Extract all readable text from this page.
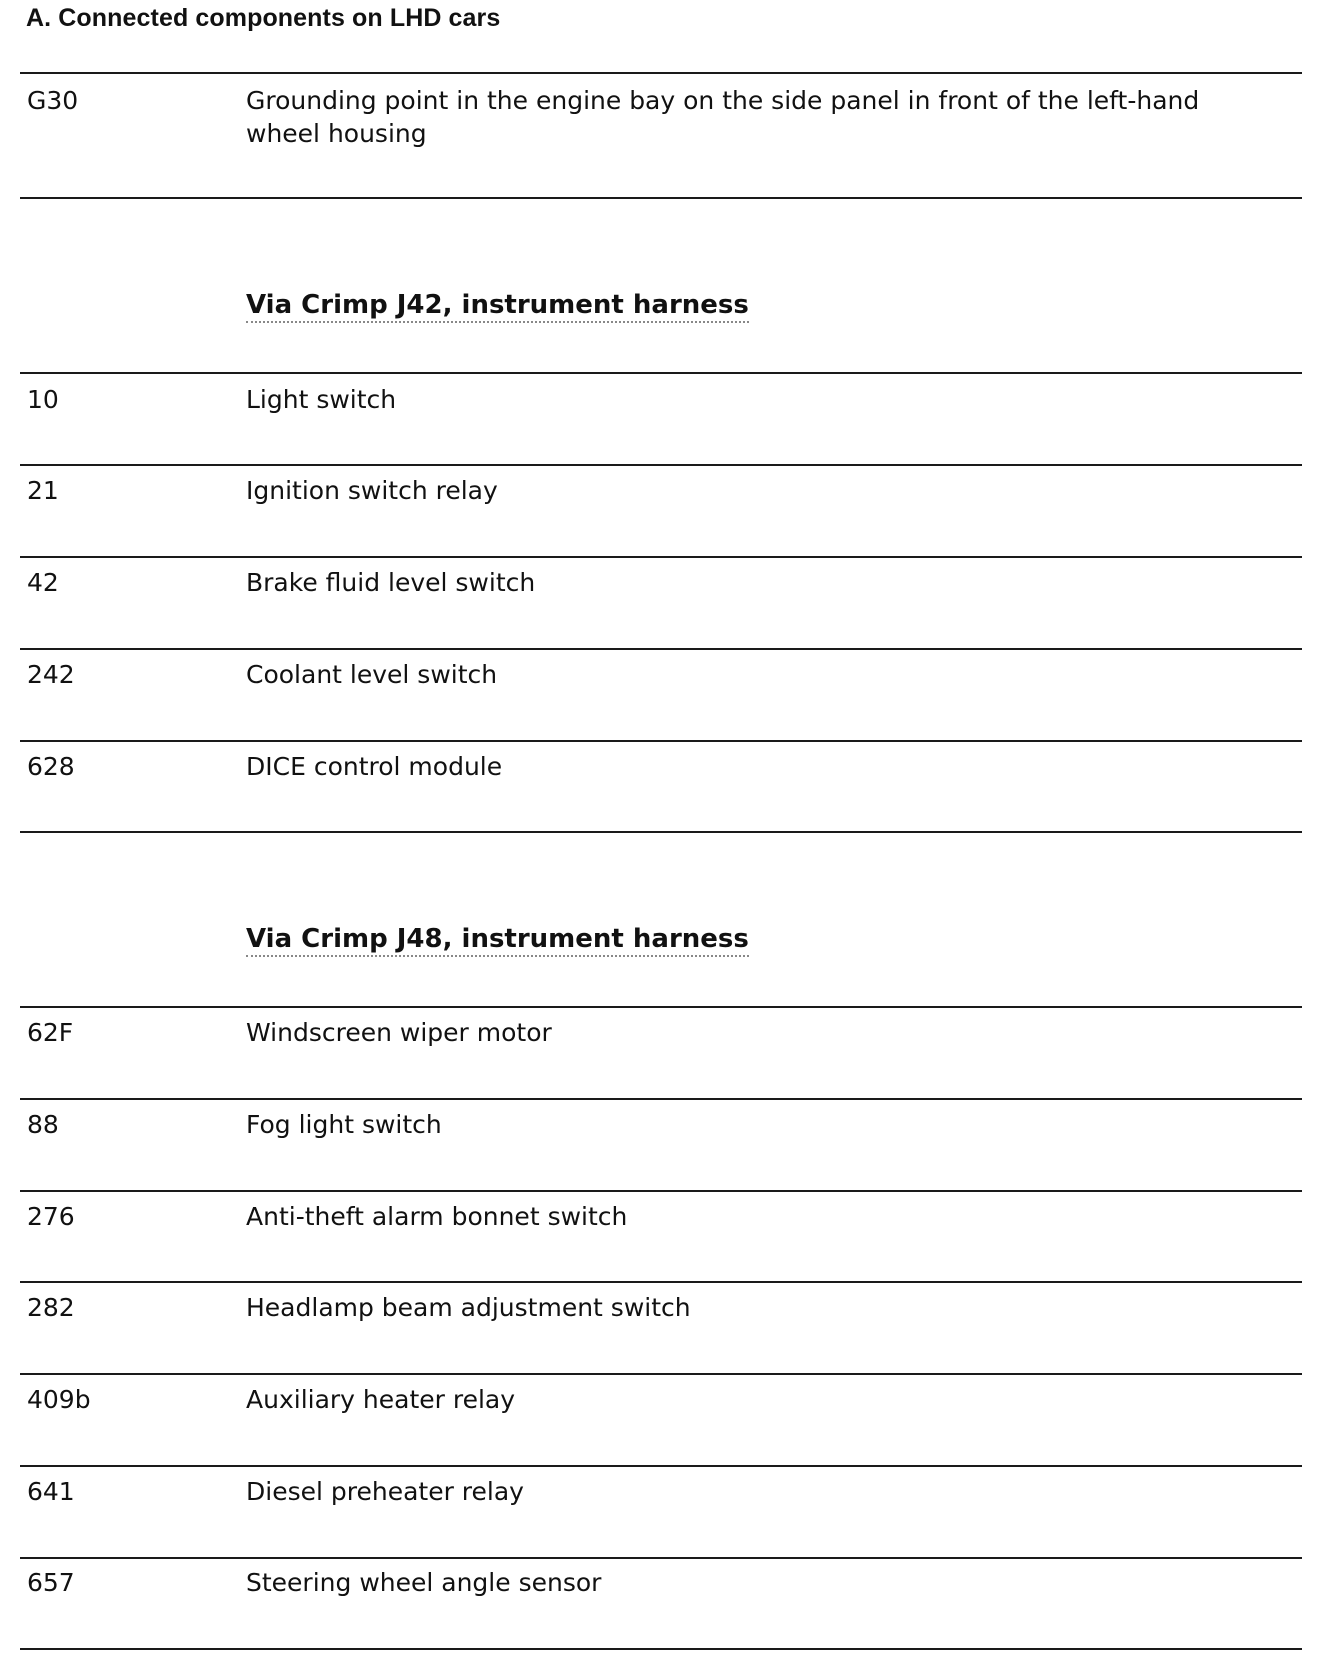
A. Connected components on LHD cars
G30	Grounding point in the engine bay on the side panel in front of the left-hand wheel housing
Via Crimp J42, instrument harness
10	Light switch
21	Ignition switch relay
42	Brake fluid level switch
242	Coolant level switch
628	DICE control module
Via Crimp J48, instrument harness
62F	Windscreen wiper motor
88	Fog light switch
276	Anti-theft alarm bonnet switch
282	Headlamp beam adjustment switch
409b	Auxiliary heater relay
641	Diesel preheater relay
657	Steering wheel angle sensor
